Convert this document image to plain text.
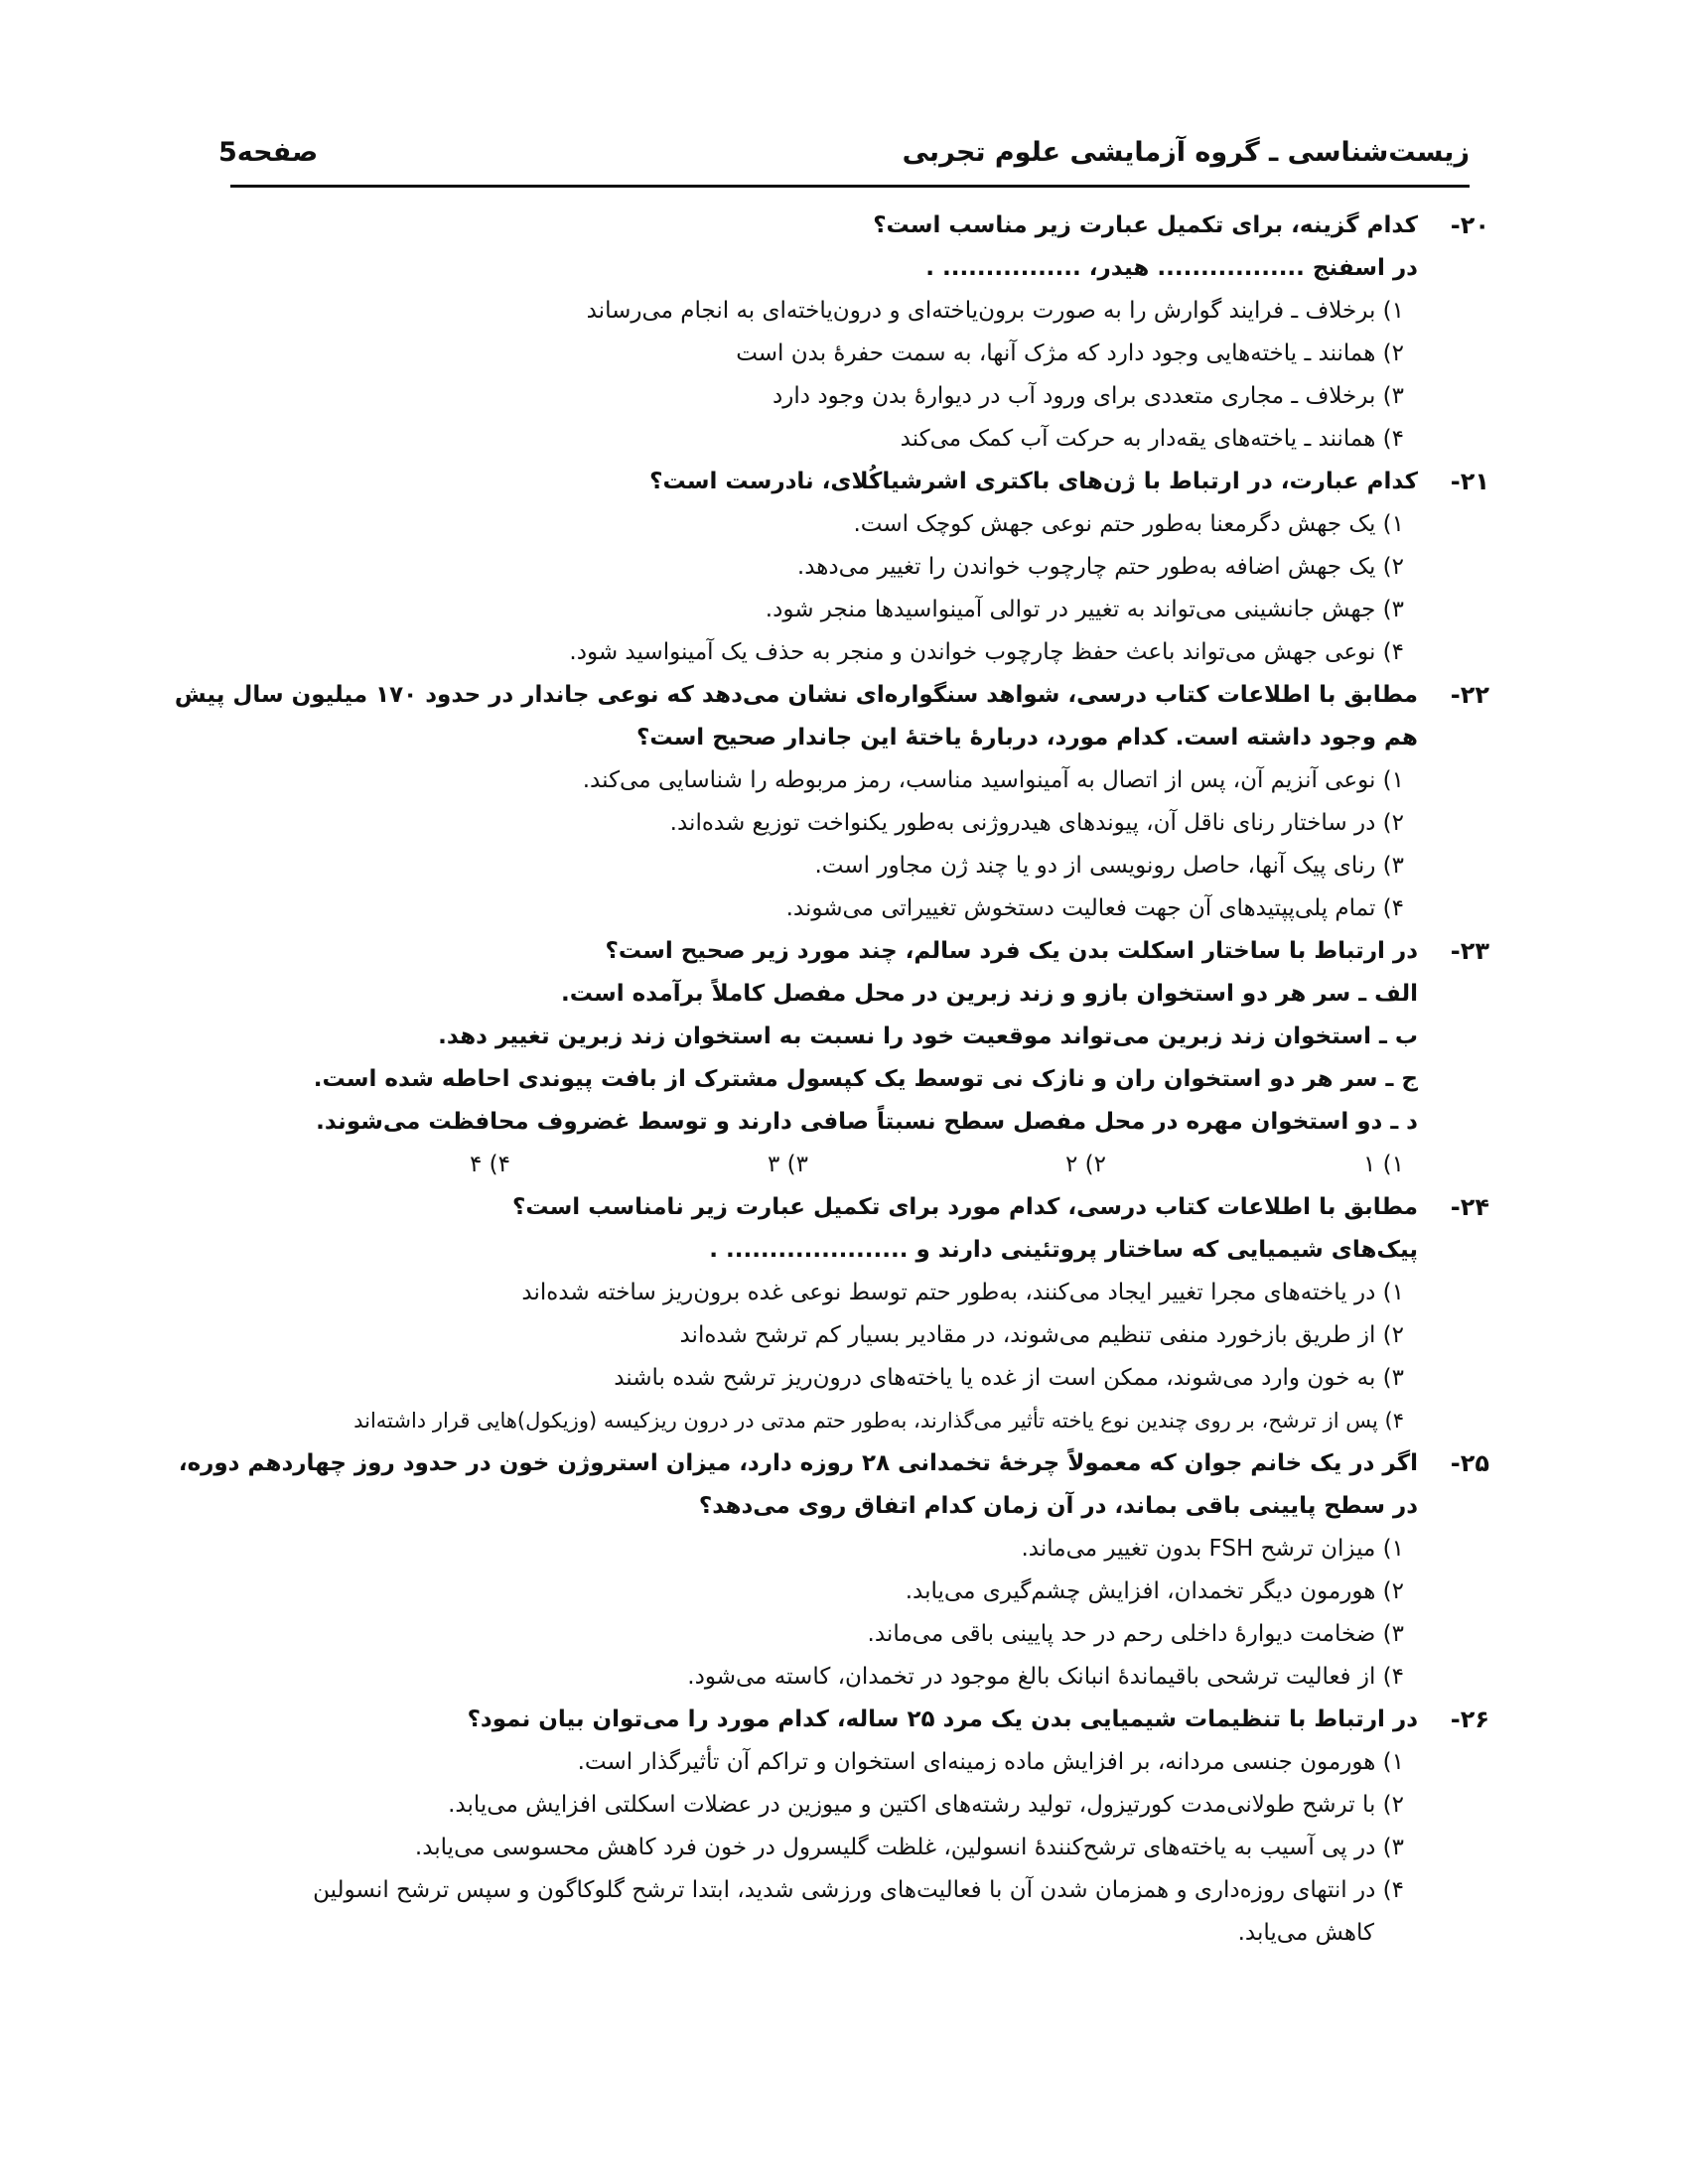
زیست‌شناسی ـ گروه آزمایشی علوم تجربی
صفحه5
۲۰-
کدام گزینه، برای تکمیل عبارت زیر مناسب است؟
در اسفنج ................. هیدر، ................ .
۱) برخلاف ـ فرایند گوارش را به صورت برون‌یاخته‌ای و درون‌یاخته‌ای به انجام می‌رساند
۲) همانند ـ یاخته‌هایی وجود دارد که مژک آنها، به سمت حفرهٔ بدن است
۳) برخلاف ـ مجاری متعددی برای ورود آب در دیوارهٔ بدن وجود دارد
۴) همانند ـ یاخته‌های یقه‌دار به حرکت آب کمک می‌کند
۲۱-
کدام عبارت، در ارتباط با ژن‌های باکتری اشرشیاکُلای، نادرست است؟
۱) یک جهش دگرمعنا به‌طور حتم نوعی جهش کوچک است.
۲) یک جهش اضافه به‌طور حتم چارچوب خواندن را تغییر می‌دهد.
۳) جهش جانشینی می‌تواند به تغییر در توالی آمینواسیدها منجر شود.
۴) نوعی جهش می‌تواند باعث حفظ چارچوب خواندن و منجر به حذف یک آمینواسید شود.
۲۲-
مطابق با اطلاعات کتاب درسی، شواهد سنگواره‌ای نشان می‌دهد که نوعی جاندار در حدود ۱۷۰ میلیون سال پیش
هم وجود داشته است. کدام مورد، دربارهٔ یاختهٔ این جاندار صحیح است؟
۱) نوعی آنزیم آن، پس از اتصال به آمینواسید مناسب، رمز مربوطه را شناسایی می‌کند.
۲) در ساختار رنای ناقل آن، پیوندهای هیدروژنی به‌طور یکنواخت توزیع شده‌اند.
۳) رنای پیک آنها، حاصل رونویسی از دو یا چند ژن مجاور است.
۴) تمام پلی‌پپتیدهای آن جهت فعالیت دستخوش تغییراتی می‌شوند.
۲۳-
در ارتباط با ساختار اسکلت بدن یک فرد سالم، چند مورد زیر صحیح است؟
الف ـ سر هر دو استخوان بازو و زند زبرین در محل مفصل کاملاً برآمده است.
ب ـ استخوان زند زبرین می‌تواند موقعیت خود را نسبت به استخوان زند زبرین تغییر دهد.
ج ـ سر هر دو استخوان ران و نازک نی توسط یک کپسول مشترک از بافت پیوندی احاطه شده است.
د ـ دو استخوان مهره در محل مفصل سطح نسبتاً صافی دارند و توسط غضروف محافظت می‌شوند.
۱) ۱
۲) ۲
۳) ۳
۴) ۴
۲۴-
مطابق با اطلاعات کتاب درسی، کدام مورد برای تکمیل عبارت زیر نامناسب است؟
پیک‌های شیمیایی که ساختار پروتئینی دارند و ..................... .
۱) در یاخته‌های مجرا تغییر ایجاد می‌کنند، به‌طور حتم توسط نوعی غده برون‌ریز ساخته شده‌اند
۲) از طریق بازخورد منفی تنظیم می‌شوند، در مقادیر بسیار کم ترشح شده‌اند
۳) به خون وارد می‌شوند، ممکن است از غده یا یاخته‌های درون‌ریز ترشح شده باشند
۴) پس از ترشح، بر روی چندین نوع یاخته تأثیر می‌گذارند، به‌طور حتم مدتی در درون ریزکیسه (وزیکول)هایی قرار داشته‌اند
۲۵-
اگر در یک خانم جوان که معمولاً چرخهٔ تخمدانی ۲۸ روزه دارد، میزان استروژن خون در حدود روز چهاردهم دوره،
در سطح پایینی باقی بماند، در آن زمان کدام اتفاق روی می‌دهد؟
۱) میزان ترشح FSH بدون تغییر می‌ماند.
۲) هورمون دیگر تخمدان، افزایش چشم‌گیری می‌یابد.
۳) ضخامت دیوارهٔ داخلی رحم در حد پایینی باقی می‌ماند.
۴) از فعالیت ترشحی باقیماندهٔ انبانک بالغ موجود در تخمدان، کاسته می‌شود.
۲۶-
در ارتباط با تنظیمات شیمیایی بدن یک مرد ۲۵ ساله، کدام مورد را می‌توان بیان نمود؟
۱) هورمون جنسی مردانه، بر افزایش ماده زمینه‌ای استخوان و تراکم آن تأثیرگذار است.
۲) با ترشح طولانی‌مدت کورتیزول، تولید رشته‌های اکتین و میوزین در عضلات اسکلتی افزایش می‌یابد.
۳) در پی آسیب به یاخته‌های ترشح‌کنندهٔ انسولین، غلظت گلیسرول در خون فرد کاهش محسوسی می‌یابد.
۴) در انتهای روزه‌داری و همزمان شدن آن با فعالیت‌های ورزشی شدید، ابتدا ترشح گلوکاگون و سپس ترشح انسولین
کاهش می‌یابد.
